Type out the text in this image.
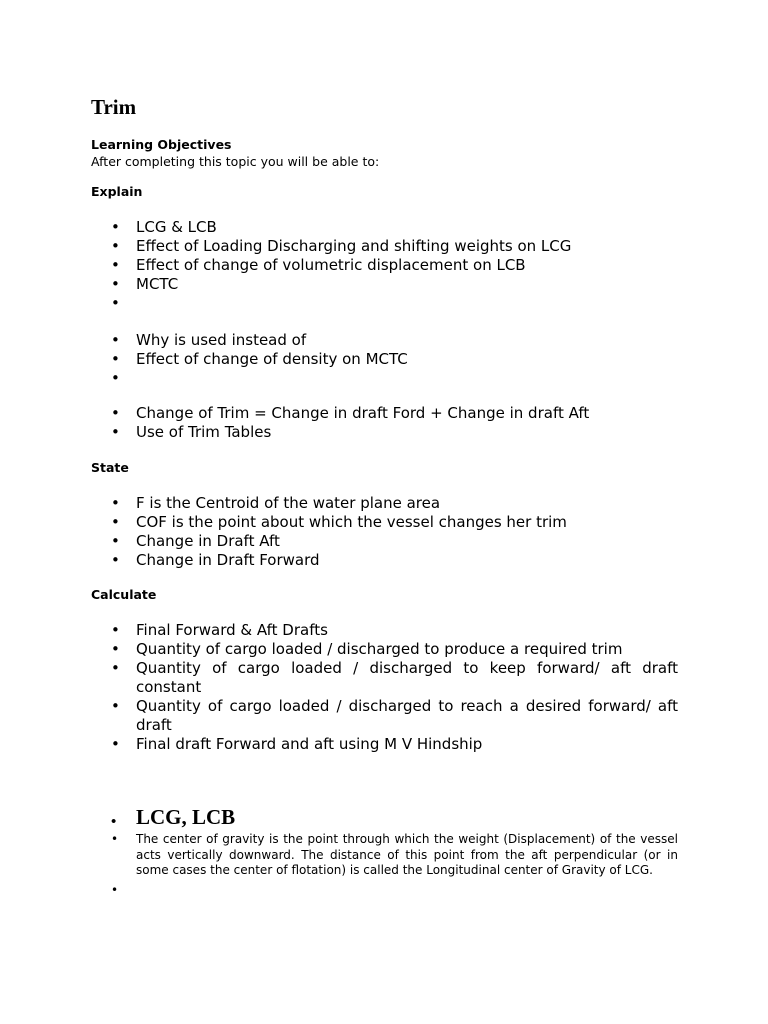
Trim

Learning Objectives

After completing this topic you will be able to:

Explain

• LCG & LCB
• Effect of Loading Discharging and shifting weights on LCG
• Effect of change of volumetric displacement on LCB
• MCTC
•
• Why is used instead of
• Effect of change of density on MCTC
•
• Change of Trim = Change in draft Ford + Change in draft Aft
• Use of Trim Tables

State

• F is the Centroid of the water plane area
• COF is the point about which the vessel changes her trim
• Change in Draft Aft
• Change in Draft Forward

Calculate

• Final Forward & Aft Drafts
• Quantity of cargo loaded / discharged to produce a required trim
• Quantity of cargo loaded / discharged to keep forward/ aft draft constant
• Quantity of cargo loaded / discharged to reach a desired forward/ aft draft
• Final draft Forward and aft using M V Hindship
• LCG, LCB
• The center of gravity is the point through which the weight (Displacement) of the vessel acts vertically downward. The distance of this point from the aft perpendicular (or in some cases the center of flotation) is called the Longitudinal center of Gravity of LCG.
•
